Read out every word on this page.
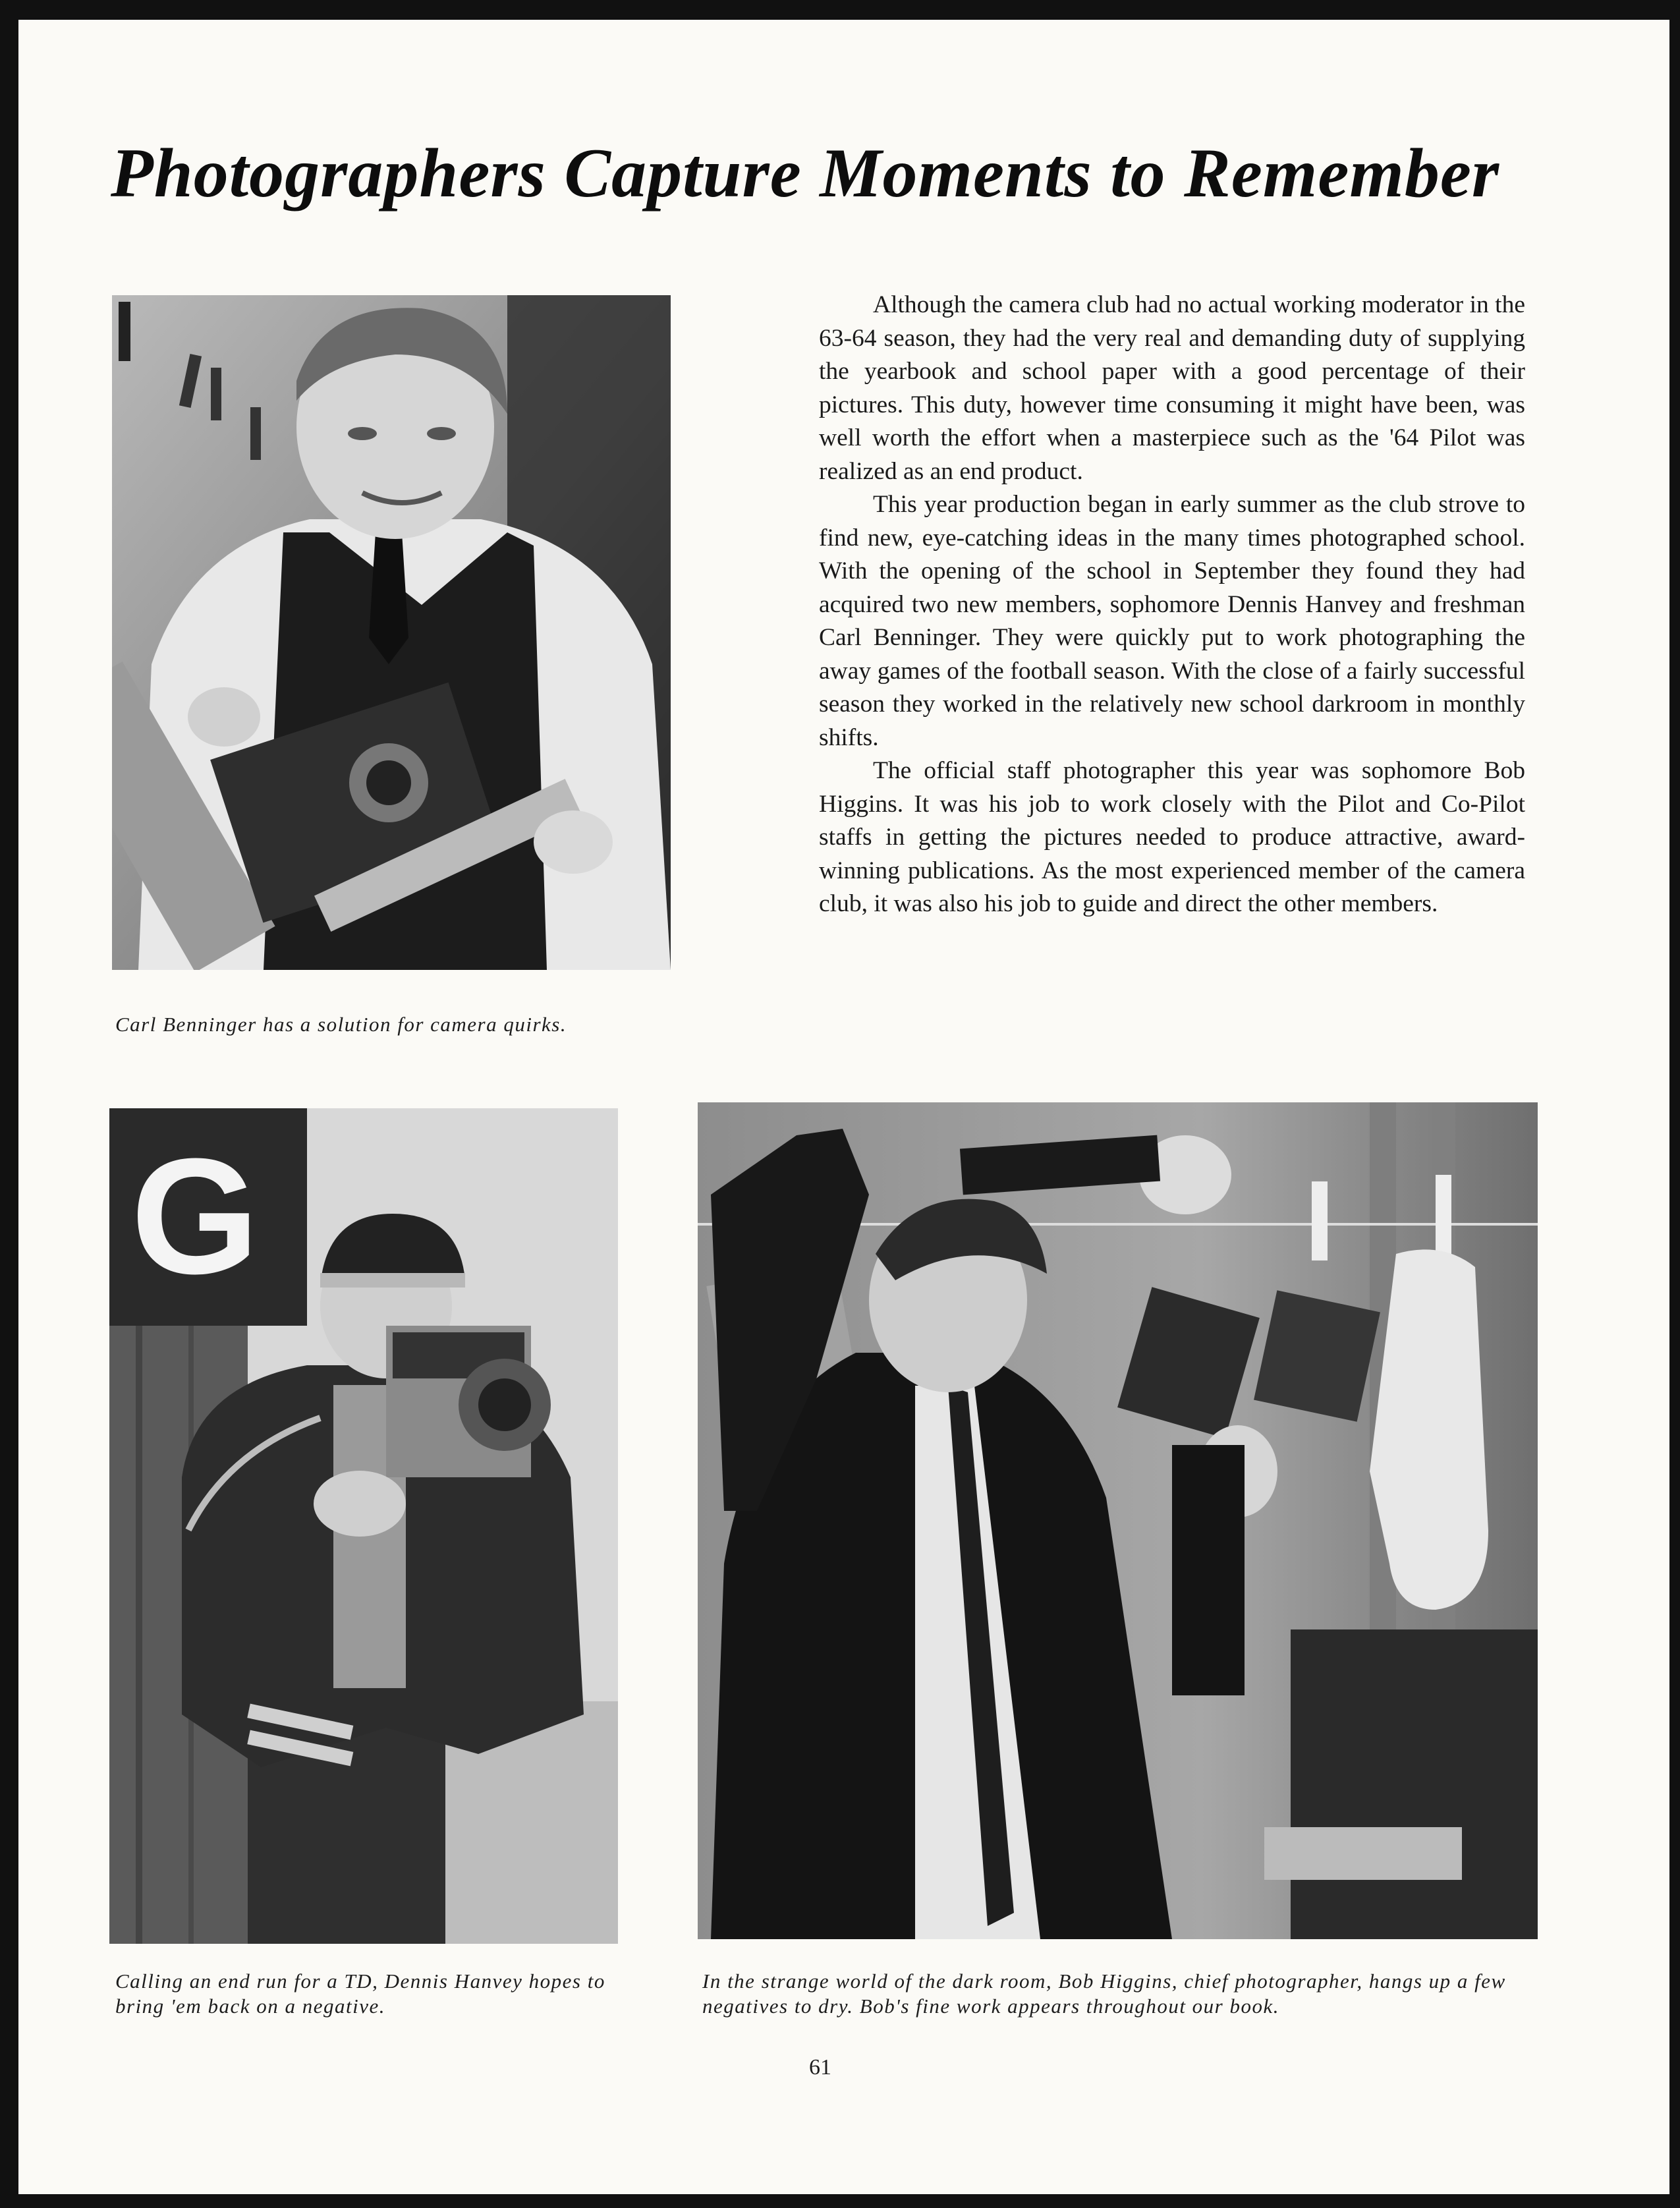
Photographers Capture Moments to Remember

Carl Benninger has a solution for camera quirks.

Although the camera club had no actual working moderator in the 63-64 season, they had the very real and demanding duty of supplying the yearbook and school paper with a good percentage of their pictures. This duty, however time consuming it might have been, was well worth the effort when a masterpiece such as the '64 Pilot was realized as an end product.

This year production began in early summer as the club strove to find new, eye-catching ideas in the many times photographed school. With the opening of the school in September they found they had acquired two new members, sophomore Dennis Hanvey and freshman Carl Benninger. They were quickly put to work photographing the away games of the football season. With the close of a fairly successful season they worked in the relatively new school darkroom in monthly shifts.

The official staff photographer this year was sophomore Bob Higgins. It was his job to work closely with the Pilot and Co-Pilot staffs in getting the pictures needed to produce attractive, award-winning publications. As the most experienced member of the camera club, it was also his job to guide and direct the other members.

G

Calling an end run for a TD, Dennis Hanvey hopes to bring 'em back on a negative.

In the strange world of the dark room, Bob Higgins, chief photographer, hangs up a few negatives to dry. Bob's fine work appears throughout our book.

61
